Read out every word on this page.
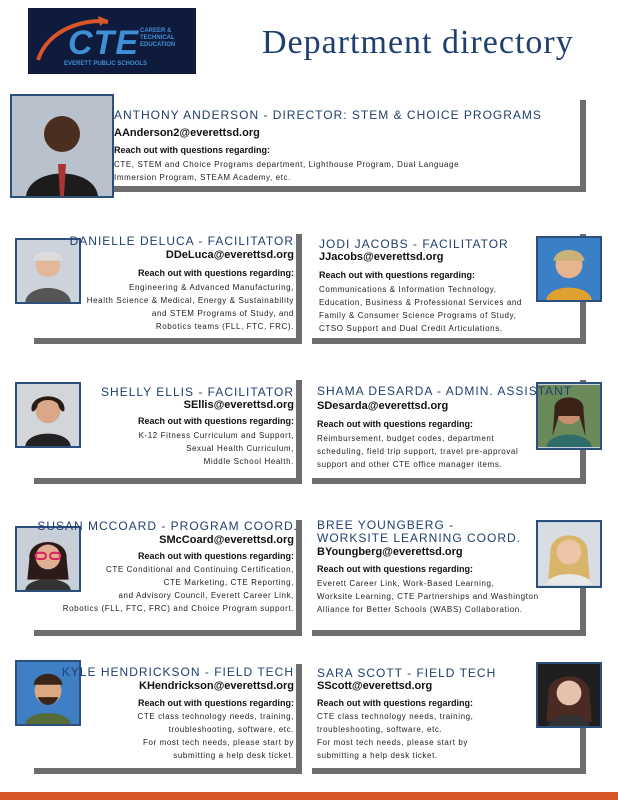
CTE CAREER & TECHNICAL EDUCATION
EVERETT PUBLIC SCHOOLS
Department directory
ANTHONY ANDERSON - DIRECTOR: STEM & CHOICE PROGRAMS
AAnderson2@everettsd.org
Reach out with questions regarding:
CTE, STEM and Choice Programs department, Lighthouse Program, Dual Language
Immersion Program, STEAM Academy, etc.
DANIELLE DELUCA - FACILITATOR
DDeLuca@everettsd.org
Reach out with questions regarding:
Engineering & Advanced Manufacturing,
Health Science & Medical, Energy & Sustainability
and STEM Programs of Study, and
Robotics teams (FLL, FTC, FRC).
JODI JACOBS - FACILITATOR
JJacobs@everettsd.org
Reach out with questions regarding:
Communications & Information Technology,
Education, Business & Professional Services and
Family & Consumer Science Programs of Study,
CTSO Support and Dual Credit Articulations.
SHELLY ELLIS - FACILITATOR
SEllis@everettsd.org
Reach out with questions regarding:
K-12 Fitness Curriculum and Support,
Sexual Health Curriculum,
Middle School Health.
SHAMA DESARDA - ADMIN. ASSISTANT
SDesarda@everettsd.org
Reach out with questions regarding:
Reimbursement, budget codes, department
scheduling, field trip support, travel pre-approval
support and other CTE office manager items.
SUSAN MCCOARD - PROGRAM COORD.
SMcCoard@everettsd.org
Reach out with questions regarding:
CTE Conditional and Continuing Certification,
CTE Marketing, CTE Reporting,
and Advisory Council, Everett Career Link,
Robotics (FLL, FTC, FRC) and Choice Program support.
BREE YOUNGBERG -
WORKSITE LEARNING COORD.
BYoungberg@everettsd.org
Reach out with questions regarding:
Everett Career Link, Work-Based Learning,
Worksite Learning, CTE Partnerships and Washington
Alliance for Better Schools (WABS) Collaboration.
KYLE HENDRICKSON - FIELD TECH
KHendrickson@everettsd.org
Reach out with questions regarding:
CTE class technology needs, training,
troubleshooting, software, etc.
For most tech needs, please start by
submitting a help desk ticket.
SARA SCOTT - FIELD TECH
SScott@everettsd.org
Reach out with questions regarding:
CTE class technology needs, training,
troubleshooting, software, etc.
For most tech needs, please start by
submitting a help desk ticket.
